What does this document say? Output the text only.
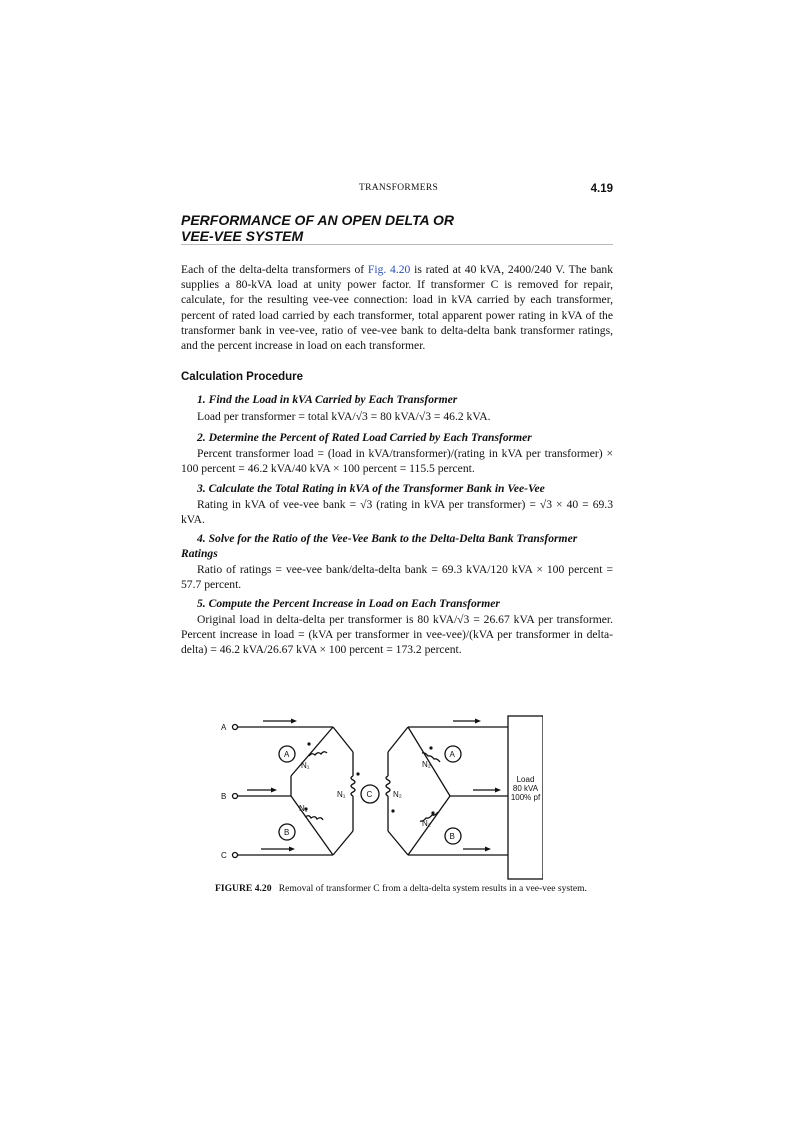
TRANSFORMERS	4.19
PERFORMANCE OF AN OPEN DELTA OR
VEE-VEE SYSTEM
Each of the delta-delta transformers of Fig. 4.20 is rated at 40 kVA, 2400/240 V. The bank supplies a 80-kVA load at unity power factor. If transformer C is removed for repair, calculate, for the resulting vee-vee connection: load in kVA carried by each transformer, percent of rated load carried by each transformer, total apparent power rating in kVA of the transformer bank in vee-vee, ratio of vee-vee bank to delta-delta bank transformer ratings, and the percent increase in load on each transformer.
Calculation Procedure
1. Find the Load in kVA Carried by Each Transformer
Load per transformer = total kVA/√3 = 80 kVA/√3 = 46.2 kVA.
2. Determine the Percent of Rated Load Carried by Each Transformer
Percent transformer load = (load in kVA/transformer)/(rating in kVA per transformer) × 100 percent = 46.2 kVA/40 kVA × 100 percent = 115.5 percent.
3. Calculate the Total Rating in kVA of the Transformer Bank in Vee-Vee
Rating in kVA of vee-vee bank = √3 (rating in kVA per transformer) = √3 × 40 = 69.3 kVA.
4. Solve for the Ratio of the Vee-Vee Bank to the Delta-Delta Bank Transformer Ratings
Ratio of ratings = vee-vee bank/delta-delta bank = 69.3 kVA/120 kVA × 100 percent = 57.7 percent.
5. Compute the Percent Increase in Load on Each Transformer
Original load in delta-delta per transformer is 80 kVA/√3 = 26.67 kVA per transformer. Percent increase in load = (kVA per transformer in vee-vee)/(kVA per transformer in delta-delta) = 46.2 kVA/26.67 kVA × 100 percent = 173.2 percent.
A
B
C
A
B
C
A
B
N₁
N₁
N₁	N₂
N₂
N₂
Load
80 kVA
100% pf
FIGURE 4.20 Removal of transformer C from a delta-delta system results in a vee-vee system.
